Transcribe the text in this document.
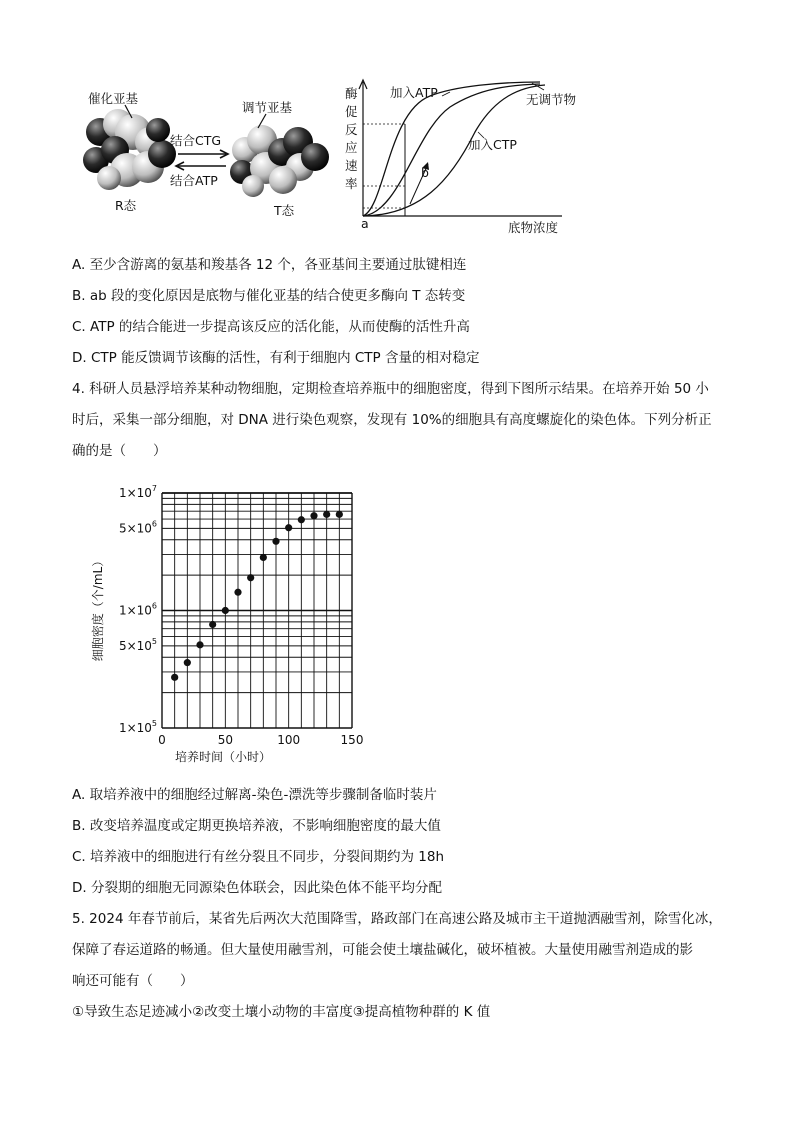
催化亚基
R态
结合CTG
结合ATP
调节亚基
T态
酶
促
反
应
速
率
加入ATP	无调节物
加入CTP
b
a	底物浓度
A. 至少含游离的氨基和羧基各 12 个，各亚基间主要通过肽键相连
B. ab 段的变化原因是底物与催化亚基的结合使更多酶向 T 态转变
C. ATP 的结合能进一步提高该反应的活化能，从而使酶的活性升高
D. CTP 能反馈调节该酶的活性，有利于细胞内 CTP 含量的相对稳定
4. 科研人员悬浮培养某种动物细胞，定期检查培养瓶中的细胞密度，得到下图所示结果。在培养开始 50 小
时后，采集一部分细胞，对 DNA 进行染色观察，发现有 10%的细胞具有高度螺旋化的染色体。下列分析正
确的是（　　）
$1\times 10^7$
$5\times 10^6$
$1\times 10^6$
$5\times 10^5$
$1\times 10^5$
0	50	100	150
培养时间（小时）
细胞密度（个/mL）
A. 取培养液中的细胞经过解离-染色-漂洗等步骤制备临时装片
B. 改变培养温度或定期更换培养液，不影响细胞密度的最大值
C. 培养液中的细胞进行有丝分裂且不同步，分裂间期约为 18h
D. 分裂期的细胞无同源染色体联会，因此染色体不能平均分配
5. 2024 年春节前后，某省先后两次大范围降雪，路政部门在高速公路及城市主干道抛洒融雪剂，除雪化冰，
保障了春运道路的畅通。但大量使用融雪剂，可能会使土壤盐碱化，破坏植被。大量使用融雪剂造成的影
响还可能有（　　）
①导致生态足迹减小②改变土壤小动物的丰富度③提高植物种群的 K 值
